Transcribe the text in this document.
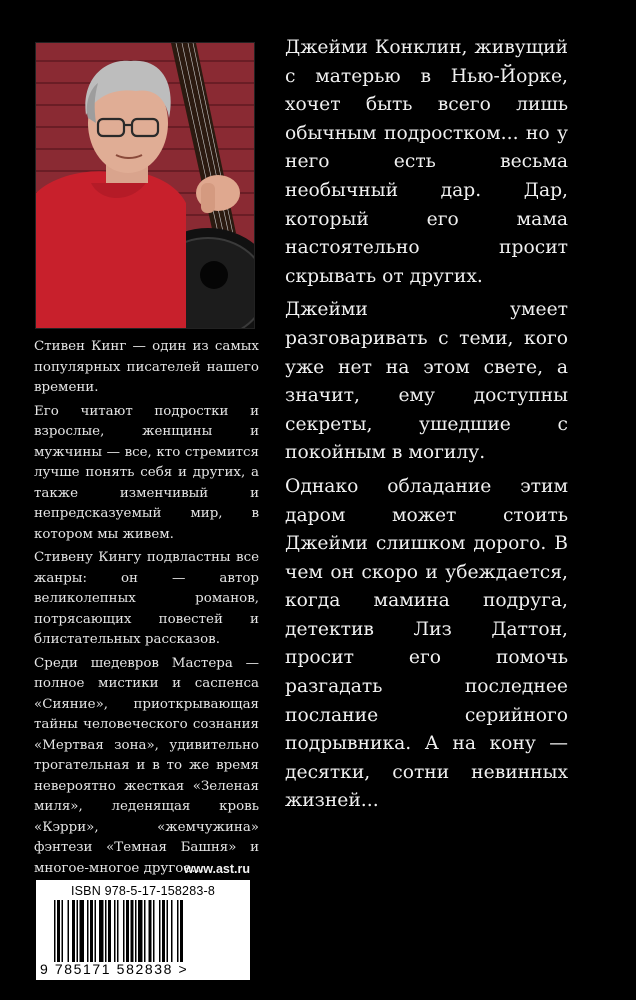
Стивен Кинг — один из самых популярных писателей нашего времени.

Его читают подростки и взрослые, женщины и мужчины — все, кто стремится лучше понять себя и других, а также изменчивый и непредсказуемый мир, в котором мы живем.

Стивену Кингу подвластны все жанры: он — автор великолепных романов, потрясающих повестей и блистательных рассказов.

Среди шедевров Мастера — полное мистики и саспенса «Сияние», приоткрывающая тайны человеческого сознания «Мертвая зона», удивительно трогательная и в то же время невероятно жесткая «Зеленая миля», леденящая кровь «Кэрри», «жемчужина» фэнтези «Темная Башня» и многое-многое другое...

Джейми Конклин, живущий с матерью в Нью-Йорке, хочет быть всего лишь обычным подростком... но у него есть весьма необычный дар. Дар, который его мама настоятельно просит скрывать от других.

Джейми умеет разговаривать с теми, кого уже нет на этом свете, а значит, ему доступны секреты, ушедшие с покойным в могилу.

Однако обладание этим даром может стоить Джейми слишком дорого. В чем он скоро и убеждается, когда мамина подруга, детектив Лиз Даттон, просит его помочь разгадать последнее послание серийного подрывника. А на кону — десятки, сотни невинных жизней...

www.ast.ru
ISBN 978-5-17-158283-8
9 785171 582838 >
